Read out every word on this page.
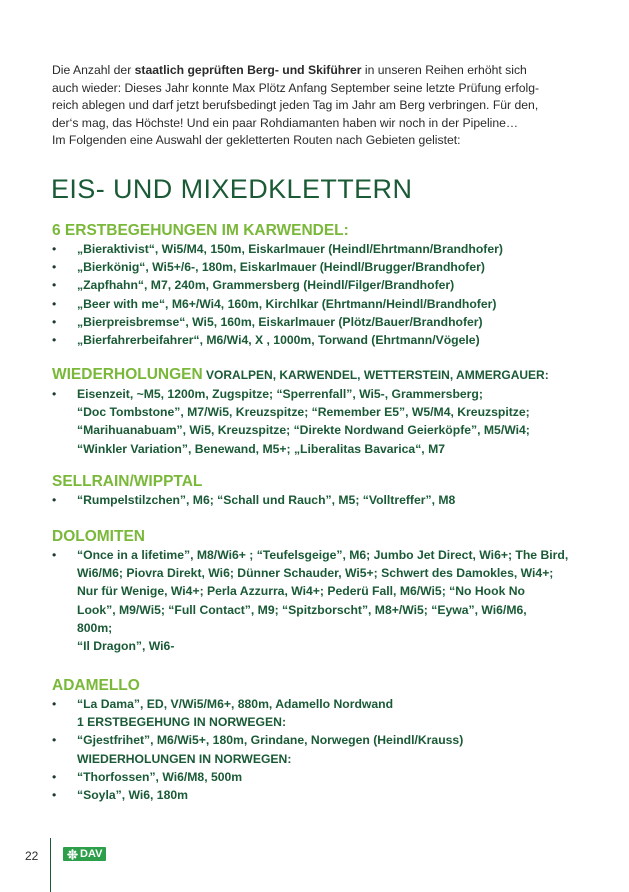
Die Anzahl der staatlich geprüften Berg- und Skiführer in unseren Reihen erhöht sich

auch wieder: Dieses Jahr konnte Max Plötz Anfang September seine letzte Prüfung erfolg-

reich ablegen und darf jetzt berufsbedingt jeden Tag im Jahr am Berg verbringen. Für den,

der‘s mag, das Höchste! Und ein paar Rohdiamanten haben wir noch in der Pipeline…

Im Folgenden eine Auswahl der gekletterten Routen nach Gebieten gelistet:

EIS- UND MIXEDKLETTERN
6 ERSTBEGEHUNGEN IM KARWENDEL:
• „Bieraktivist“, Wi5/M4, 150m, Eiskarlmauer (Heindl/Ehrtmann/Brandhofer)
• „Bierkönig“, Wi5+/6-, 180m, Eiskarlmauer (Heindl/Brugger/Brandhofer)
• „Zapfhahn“, M7, 240m, Grammersberg (Heindl/Filger/Brandhofer)
• „Beer with me“, M6+/Wi4, 160m, Kirchlkar (Ehrtmann/Heindl/Brandhofer)
• „Bierpreisbremse“, Wi5, 160m, Eiskarlmauer (Plötz/Bauer/Brandhofer)
• „Bierfahrerbeifahrer“, M6/Wi4, X , 1000m, Torwand (Ehrtmann/Vögele)
WIEDERHOLUNGEN VORALPEN, KARWENDEL, WETTERSTEIN, AMMERGAUER:
• Eisenzeit, ~M5, 1200m, Zugspitze; “Sperrenfall”, Wi5-, Grammersberg;
“Doc Tombstone”, M7/Wi5, Kreuzspitze; “Remember E5”, W5/M4, Kreuzspitze;
“Marihuanabuam”, Wi5, Kreuzspitze; “Direkte Nordwand Geierköpfe”, M5/Wi4;
“Winkler Variation”, Benewand, M5+; „Liberalitas Bavarica“, M7
SELLRAIN/WIPPTAL
• “Rumpelstilzchen”, M6; “Schall und Rauch”, M5; “Volltreffer”, M8
DOLOMITEN
• “Once in a lifetime”, M8/Wi6+ ; “Teufelsgeige”, M6; Jumbo Jet Direct, Wi6+; The Bird,
Wi6/M6; Piovra Direkt, Wi6; Dünner Schauder, Wi5+; Schwert des Damokles, Wi4+;
Nur für Wenige, Wi4+; Perla Azzurra, Wi4+; Pederü Fall, M6/Wi5; “No Hook No
Look”, M9/Wi5; “Full Contact”, M9; “Spitzborscht”, M8+/Wi5; “Eywa”, Wi6/M6,
800m;
“Il Dragon”, Wi6-
ADAMELLO
• “La Dama”, ED, V/Wi5/M6+, 880m, Adamello Nordwand
1 ERSTBEGEHUNG IN NORWEGEN:
• “Gjestfrihet”, M6/Wi5+, 180m, Grindane, Norwegen (Heindl/Krauss)
WIEDERHOLUNGEN IN NORWEGEN:
• “Thorfossen”, Wi6/M8, 500m
• “Soyla”, Wi6, 180m
22	DAV
